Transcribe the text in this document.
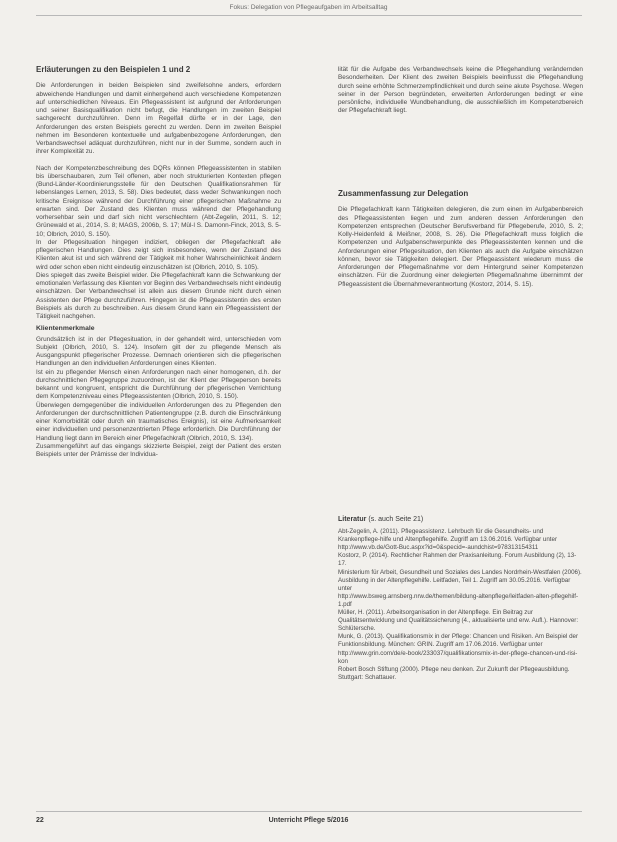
Fokus: Delegation von Pflegeaufgaben im Arbeitsalltag
Erläuterungen zu den Beispielen 1 und 2

Die Anforderungen in beiden Beispielen sind zweifelsohne anders, erfordern abweichende Handlungen und damit einhergehend auch verschiedene Kompetenzen auf unterschiedlichen Niveaus. Ein Pflegeassistent ist aufgrund der Anforderungen und seiner Basisqualifikation nicht befugt, die Handlungen im zweiten Beispiel sachgerecht durchzuführen. Denn im Regelfall dürfte er in der Lage, den Anforderungen des ersten Beispiels gerecht zu werden. Denn im zweiten Beispiel nehmen im Besonderen kontextuelle und aufgabenbezogene Anforderungen, den Verbandswechsel adäquat durchzuführen, nicht nur in der Summe, sondern auch in ihrer Komplexität zu.

Nach der Kompetenzbeschreibung des DQRs können Pflegeassistenten in stabilen bis überschaubaren, zum Teil offenen, aber noch strukturierten Kontexten pflegen (Bund-Länder-Koordinierungsstelle für den Deutschen Qualifikationsrahmen für lebenslanges Lernen, 2013, S. 58). Dies bedeutet, dass weder Schwankungen noch kritische Ereignisse während der Durchführung einer pflegerischen Maßnahme zu erwarten sind. Der Zustand des Klienten muss während der Pflegehandlung vorhersehbar sein und darf sich nicht verschlechtern (Abt-Zegelin, 2011, S. 12; Grünewald et al., 2014, S. 8; MAGS, 2006b, S. 17; Mül-l S. Damonn-Finck, 2013, S. 5-10; Olbrich, 2010, S. 150).

In der Pflegesituation hingegen indiziert, obliegen der Pflegefachkraft alle pflegerischen Handlungen. Dies zeigt sich insbesondere, wenn der Zustand des Klienten akut ist und sich während der Tätigkeit mit hoher Wahrscheinlichkeit ändern wird oder schon eben nicht eindeutig einzuschätzen ist (Olbrich, 2010, S. 105).

Dies spiegelt das zweite Beispiel wider. Die Pflegefachkraft kann die Schwankung der emotionalen Verfassung des Klienten vor Beginn des Verbandwechsels nicht eindeutig einschätzen. Der Verbandwechsel ist allein aus diesem Grunde nicht durch einen Assistenten der Pflege durchzuführen. Hingegen ist die Pflegeassistentin des ersten Beispiels als durch zu beschreiben. Aus diesem Grund kann ein Pflegeassistent der Tätigkeit nachgehen.

Klientenmerkmale

Grundsätzlich ist in der Pflegesituation, in der gehandelt wird, unterschieden vom Subjekt (Olbrich, 2010, S. 124). Insofern gilt der zu pflegende Mensch als Ausgangspunkt pflegerischer Prozesse. Demnach orientieren sich die pflegerischen Handlungen an den individuellen Anforderungen eines Klienten.

Ist ein zu pflegender Mensch einen Anforderungen nach einer homogenen, d.h. der durchschnittlichen Pflegegruppe zuzuordnen, ist der Klient der Pflegeperson bereits bekannt und kongruent, entspricht die Durchführung der pflegerischen Verrichtung dem Kompetenzniveau eines Pflegeassistenten (Olbrich, 2010, S. 150).

Überwiegen demgegenüber die individuellen Anforderungen des zu Pflegenden den Anforderungen der durchschnittlichen Patientengruppe (z.B. durch die Einschränkung einer Komorbidität oder durch ein traumatisches Ereignis), ist eine Aufmerksamkeit einer individuellen und personenzentrierten Pflege erforderlich. Die Durchführung der Handlung liegt dann im Bereich einer Pflegefachkraft (Olbrich, 2010, S. 134).

Zusammengeführt auf das eingangs skizzierte Beispiel, zeigt der Patient des ersten Beispiels unter der Prämisse der Individua-

lität für die Aufgabe des Verbandwechsels keine die Pflegehandlung verändernden Besonderheiten. Der Klient des zweiten Beispiels beeinflusst die Pflegehandlung durch seine erhöhte Schmerzempfindlichkeit und durch seine akute Psychose. Wegen seiner in der Person begründeten, erweiterten Anforderungen bedingt er eine persönliche, individuelle Wundbehandlung, die ausschließlich im Kompetenzbereich der Pflegefachkraft liegt.

Zusammenfassung zur Delegation

Die Pflegefachkraft kann Tätigkeiten delegieren, die zum einen im Aufgabenbereich des Pflegeassistenten liegen und zum anderen dessen Anforderungen den Kompetenzen entsprechen (Deutscher Berufsverband für Pflegeberufe, 2010, S. 2; Kolly-Heidenfeld & Meißner, 2008, S. 26). Die Pflegefachkraft muss folglich die Kompetenzen und Aufgabenschwerpunkte des Pflegeassistenten kennen und die Anforderungen einer Pflegesituation, den Klienten als auch die Aufgabe einschätzen können, bevor sie Tätigkeiten delegiert. Der Pflegeassistent wiederum muss die Anforderungen der Pflegemaßnahme vor dem Hintergrund seiner Kompetenzen einschätzen. Für die Zuordnung einer delegierten Pflegemaßnahme übernimmt der Pflegeassistent die Übernahmeverantwortung (Kostorz, 2014, S. 15).

Literatur (s. auch Seite 21)
Abt-Zegelin, A. (2011). Pflegeassistenz. Lehrbuch für die Gesundheits- und Krankenpflege-hilfe und Altenpflegehilfe. Zugriff am 13.06.2016. Verfügbar unter http://www.vb.de/Gott-Buc.aspx?id=0&specid=-aundchist=978313154311
Kostorz, P. (2014). Rechtlicher Rahmen der Praxisanleitung. Forum Ausbildung (2), 13-17.
Ministerium für Arbeit, Gesundheit und Soziales des Landes Nordrhein-Westfalen (2006). Ausbildung in der Altenpflegehilfe. Leitfaden, Teil 1. Zugriff am 30.05.2016. Verfügbar unter
http://www.bsweg.arnsberg.nrw.de/themen/bildung-altenpflege/leitfaden-alten-pflegehilf-1.pdf
Müller, H. (2011). Arbeitsorganisation in der Altenpflege. Ein Beitrag zur Qualitätsentwicklung und Qualitätssicherung (4., aktualisierte und erw. Aufl.). Hannover: Schlütersche.
Munk, G. (2013). Qualifikationsmix in der Pflege: Chancen und Risiken. Am Beispiel der Funktionsbildung. München: GRIN. Zugriff am 17.06.2016. Verfügbar unter http://www.grin.com/de/e-book/233037/qualifikationsmix-in-der-pflege-chancen-und-risi-kon
Robert Bosch Stiftung (2000). Pflege neu denken. Zur Zukunft der Pflegeausbildung. Stuttgart: Schattauer.
22	Unterricht Pflege 5/2016
